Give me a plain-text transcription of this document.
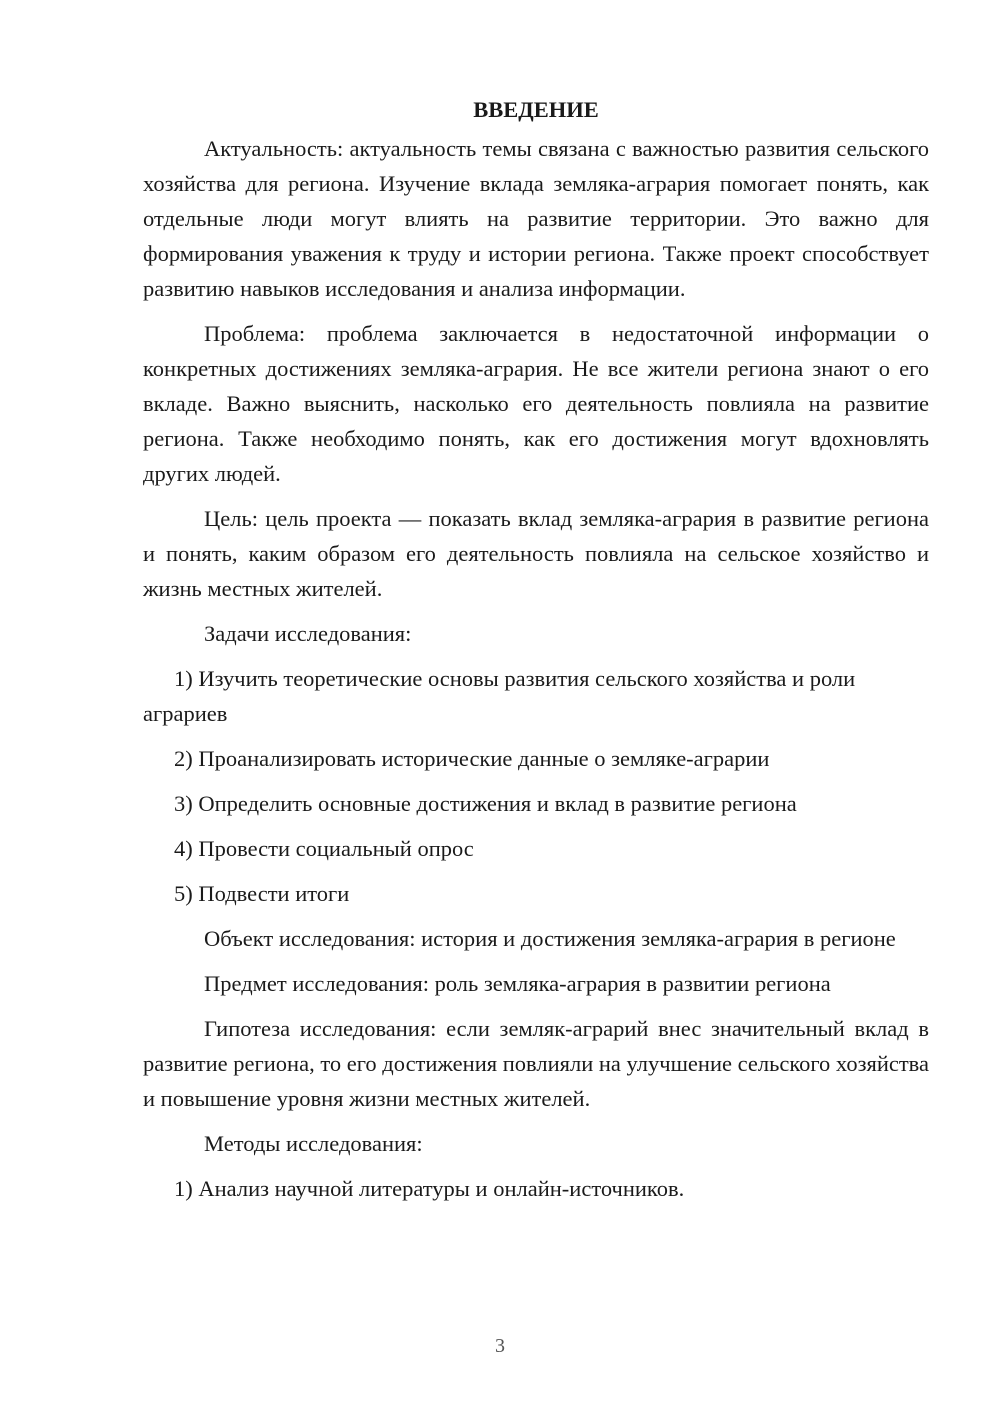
ВВЕДЕНИЕ

Актуальность: актуальность темы связана с важностью развития сельского хозяйства для региона. Изучение вклада земляка-агрария помогает понять, как отдельные люди могут влиять на развитие территории. Это важно для формирования уважения к труду и истории региона. Также проект способствует развитию навыков исследования и анализа информации.

Проблема: проблема заключается в недостаточной информации о конкретных достижениях земляка-агрария. Не все жители региона знают о его вкладе. Важно выяснить, насколько его деятельность повлияла на развитие региона. Также необходимо понять, как его достижения могут вдохновлять других людей.

Цель: цель проекта — показать вклад земляка-агрария в развитие региона и понять, каким образом его деятельность повлияла на сельское хозяйство и жизнь местных жителей.

Задачи исследования:

1) Изучить теоретические основы развития сельского хозяйства и роли аграриев

2) Проанализировать исторические данные о земляке-аграрии

3) Определить основные достижения и вклад в развитие региона

4) Провести социальный опрос

5) Подвести итоги

Объект исследования: история и достижения земляка-агрария в регионе

Предмет исследования: роль земляка-агрария в развитии региона

Гипотеза исследования: если земляк-аграрий внес значительный вклад в развитие региона, то его достижения повлияли на улучшение сельского хозяйства и повышение уровня жизни местных жителей.

Методы исследования:

1) Анализ научной литературы и онлайн-источников.

3
